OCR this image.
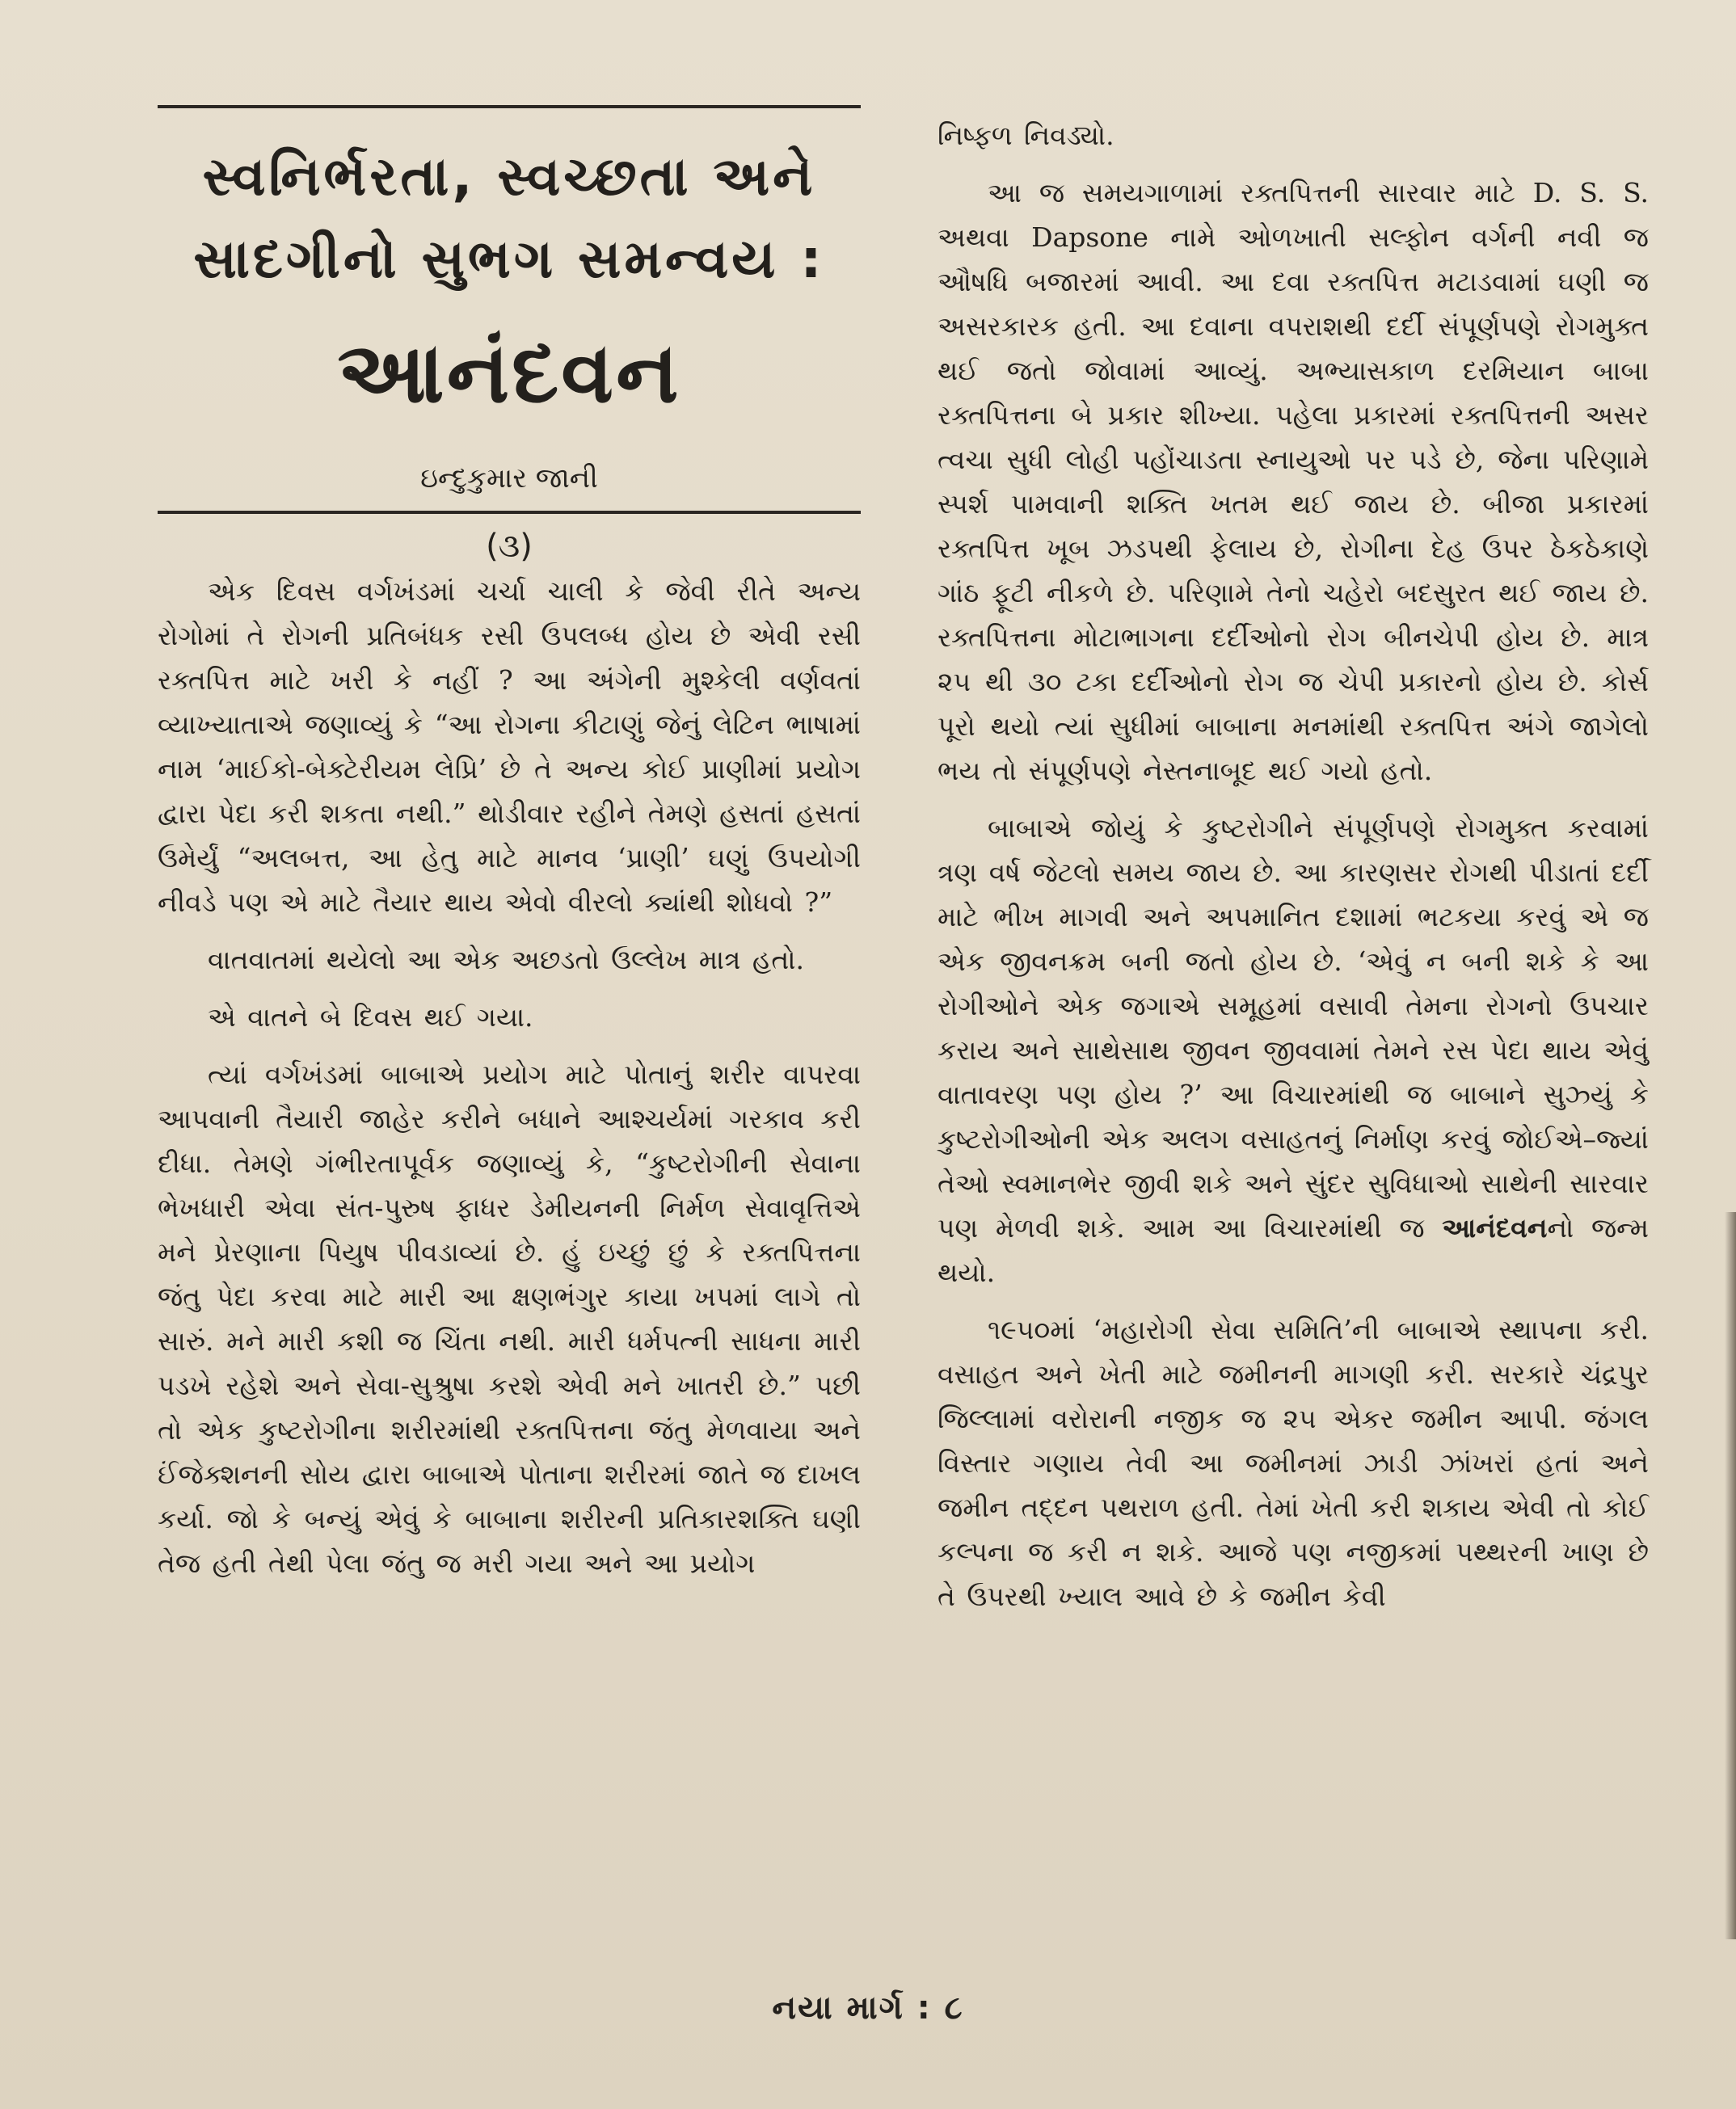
સ્વનિર્ભરતા, સ્વચ્છતા અને
સાદગીનો સુભગ સમન્વય :
આનંદવન
ઇન્દુકુમાર જાની
(૩)

એક દિવસ વર્ગખંડમાં ચર્ચા ચાલી કે જેવી રીતે અન્ય રોગોમાં તે રોગની પ્રતિબંધક રસી ઉપલબ્ધ હોય છે એવી રસી રક્તપિત્ત માટે ખરી કે નહીં ? આ અંગેની મુશ્કેલી વર્ણવતાં વ્યાખ્યાતાએ જણાવ્યું કે “આ રોગના કીટાણું જેનું લેટિન ભાષામાં નામ ‘માઈકો-બેક્ટેરીયમ લેપ્રિ’ છે તે અન્ય કોઈ પ્રાણીમાં પ્રયોગ દ્વારા પેદા કરી શકતા નથી.” થોડીવાર રહીને તેમણે હસતાં હસતાં ઉમેર્યું “અલબત્ત, આ હેતુ માટે માનવ ‘પ્રાણી’ ઘણું ઉપયોગી નીવડે પણ એ માટે તૈયાર થાય એવો વીરલો ક્યાંથી શોધવો ?”

વાતવાતમાં થયેલો આ એક અછડતો ઉલ્લેખ માત્ર હતો.

એ વાતને બે દિવસ થઈ ગયા.

ત્યાં વર્ગખંડમાં બાબાએ પ્રયોગ માટે પોતાનું શરીર વાપરવા આપવાની તૈયારી જાહેર કરીને બધાને આશ્ચર્યમાં ગરકાવ કરી દીધા. તેમણે ગંભીરતાપૂર્વક જણાવ્યું કે, “કુષ્ટરોગીની સેવાના ભેખધારી એવા સંત-પુરુષ ફાધર ડેમીયનની નિર્મળ સેવાવૃત્તિએ મને પ્રેરણાના પિયુષ પીવડાવ્યાં છે. હું ઇચ્છું છું કે રક્તપિત્તના જંતુ પેદા કરવા માટે મારી આ ક્ષણભંગુર કાયા ખપમાં લાગે તો સારું. મને મારી કશી જ ચિંતા નથી. મારી ધર્મપત્ની સાધના મારી પડખે રહેશે અને સેવા-સુશ્રુષા કરશે એવી મને ખાતરી છે.” પછી તો એક કુષ્ટરોગીના શરીરમાંથી રક્તપિત્તના જંતુ મેળવાયા અને ઈંજેક્શનની સોય દ્વારા બાબાએ પોતાના શરીરમાં જાતે જ દાખલ કર્યા. જો કે બન્યું એવું કે બાબાના શરીરની પ્રતિકારશક્તિ ઘણી તેજ હતી તેથી પેલા જંતુ જ મરી ગયા અને આ પ્રયોગ

નિષ્ફળ નિવડ્યો.

આ જ સમયગાળામાં રક્તપિત્તની સારવાર માટે D. S. S. અથવા Dapsone નામે ઓળખાતી સલ્ફોન વર્ગની નવી જ ઔષધિ બજારમાં આવી. આ દવા રક્તપિત્ત મટાડવામાં ઘણી જ અસરકારક હતી. આ દવાના વપરાશથી દર્દી સંપૂર્ણપણે રોગમુક્ત થઈ જતો જોવામાં આવ્યું. અભ્યાસકાળ દરમિયાન બાબા રક્તપિત્તના બે પ્રકાર શીખ્યા. પહેલા પ્રકારમાં રક્તપિત્તની અસર ત્વચા સુધી લોહી પહોંચાડતા સ્નાયુઓ પર પડે છે, જેના પરિણામે સ્પર્શ પામવાની શક્તિ ખતમ થઈ જાય છે. બીજા પ્રકારમાં રક્તપિત્ત ખૂબ ઝડપથી ફેલાય છે, રોગીના દેહ ઉપર ઠેકઠેકાણે ગાંઠ ફૂટી નીકળે છે. પરિણામે તેનો ચહેરો બદસુરત થઈ જાય છે. રક્તપિત્તના મોટાભાગના દર્દીઓનો રોગ બીનચેપી હોય છે. માત્ર ૨૫ થી ૩૦ ટકા દર્દીઓનો રોગ જ ચેપી પ્રકારનો હોય છે. કોર્સ પૂરો થયો ત્યાં સુધીમાં બાબાના મનમાંથી રક્તપિત્ત અંગે જાગેલો ભય તો સંપૂર્ણપણે નેસ્તનાબૂદ થઈ ગયો હતો.

બાબાએ જોયું કે કુષ્ટરોગીને સંપૂર્ણપણે રોગમુક્ત કરવામાં ત્રણ વર્ષ જેટલો સમય જાય છે. આ કારણસર રોગથી પીડાતાં દર્દી માટે ભીખ માગવી અને અપમાનિત દશામાં ભટકયા કરવું એ જ એક જીવનક્રમ બની જતો હોય છે. ‘એવું ન બની શકે કે આ રોગીઓને એક જગાએ સમૂહમાં વસાવી તેમના રોગનો ઉપચાર કરાય અને સાથેસાથ જીવન જીવવામાં તેમને રસ પેદા થાય એવું વાતાવરણ પણ હોય ?’ આ વિચારમાંથી જ બાબાને સુઝ્યું કે કુષ્ટરોગીઓની એક અલગ વસાહતનું નિર્માણ કરવું જોઈએ–જ્યાં તેઓ સ્વમાનભેર જીવી શકે અને સુંદર સુવિધાઓ સાથેની સારવાર પણ મેળવી શકે. આમ આ વિચારમાંથી જ આનંદવનનો જન્મ થયો.

૧૯૫૦માં ‘મહારોગી સેવા સમિતિ’ની બાબાએ સ્થાપના કરી. વસાહત અને ખેતી માટે જમીનની માગણી કરી. સરકારે ચંદ્રપુર જિલ્લામાં વરોરાની નજીક જ ૨૫ એકર જમીન આપી. જંગલ વિસ્તાર ગણાય તેવી આ જમીનમાં ઝાડી ઝાંખરાં હતાં અને જમીન તદ્દન પથરાળ હતી. તેમાં ખેતી કરી શકાય એવી તો કોઈ કલ્પના જ કરી ન શકે. આજે પણ નજીકમાં પથ્થરની ખાણ છે તે ઉપરથી ખ્યાલ આવે છે કે જમીન કેવી

નયા માર્ગ : ૮
